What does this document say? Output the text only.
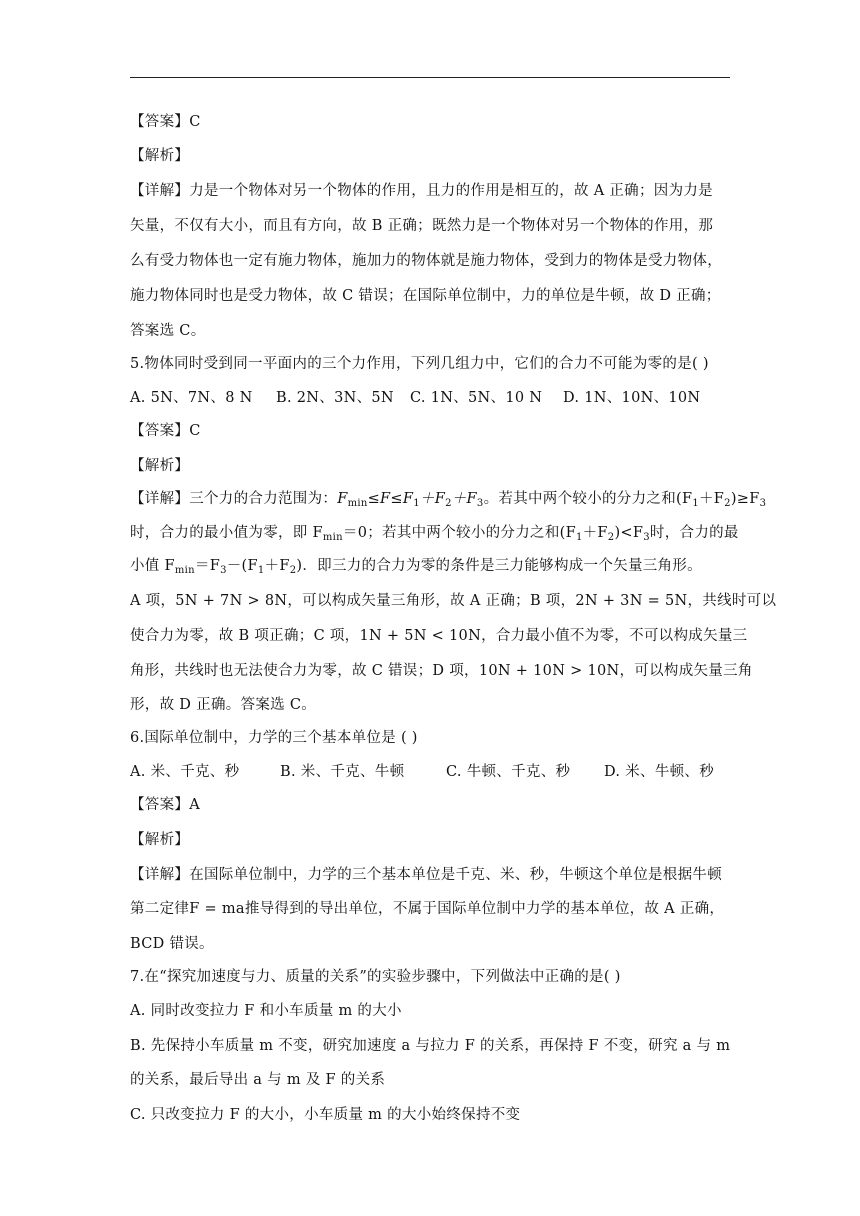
【答案】C
【解析】
【详解】力是一个物体对另一个物体的作用，且力的作用是相互的，故 A 正确；因为力是
矢量，不仅有大小，而且有方向，故 B 正确；既然力是一个物体对另一个物体的作用，那
么有受力物体也一定有施力物体，施加力的物体就是施力物体，受到力的物体是受力物体，
施力物体同时也是受力物体，故 C 错误；在国际单位制中，力的单位是牛顿，故 D 正确；
答案选 C。
5.物体同时受到同一平面内的三个力作用，下列几组力中，它们的合力不可能为零的是( )
A. 5N、7N、8 N B. 2N、3N、5N C. 1N、5N、10 N D. 1N、10N、10N
【答案】C
【解析】
【详解】三个力的合力范围为：$F_{min}\le F\le F_1+F_2+F_3$。若其中两个较小的分力之和$(F_1+F_2)\ge F_3$
时，合力的最小值为零，即 $F_{min}=0$；若其中两个较小的分力之和$(F_1+F_2)<F_3$时，合力的最
小值 $F_{min}=F_3-(F_1+F_2)$．即三力的合力为零的条件是三力能够构成一个矢量三角形。
A 项，5N + 7N > 8N，可以构成矢量三角形，故 A 正确；B 项，2N + 3N = 5N，共线时可以
使合力为零，故 B 项正确；C 项，1N + 5N < 10N，合力最小值不为零，不可以构成矢量三
角形，共线时也无法使合力为零，故 C 错误；D 项，10N + 10N > 10N，可以构成矢量三角
形，故 D 正确。答案选 C。
6.国际单位制中，力学的三个基本单位是 ( )
A. 米、千克、秒	B. 米、千克、牛顿	C. 牛顿、千克、秒 D. 米、牛顿、秒
【答案】A
【解析】
【详解】在国际单位制中，力学的三个基本单位是千克、米、秒，牛顿这个单位是根据牛顿
第二定律F = ma推导得到的导出单位，不属于国际单位制中力学的基本单位，故 A 正确，
BCD 错误。
7.在“探究加速度与力、质量的关系”的实验步骤中，下列做法中正确的是( )
A. 同时改变拉力 F 和小车质量 m 的大小
B. 先保持小车质量 m 不变，研究加速度 a 与拉力 F 的关系，再保持 F 不变，研究 a 与 m
的关系，最后导出 a 与 m 及 F 的关系
C. 只改变拉力 F 的大小，小车质量 m 的大小始终保持不变
